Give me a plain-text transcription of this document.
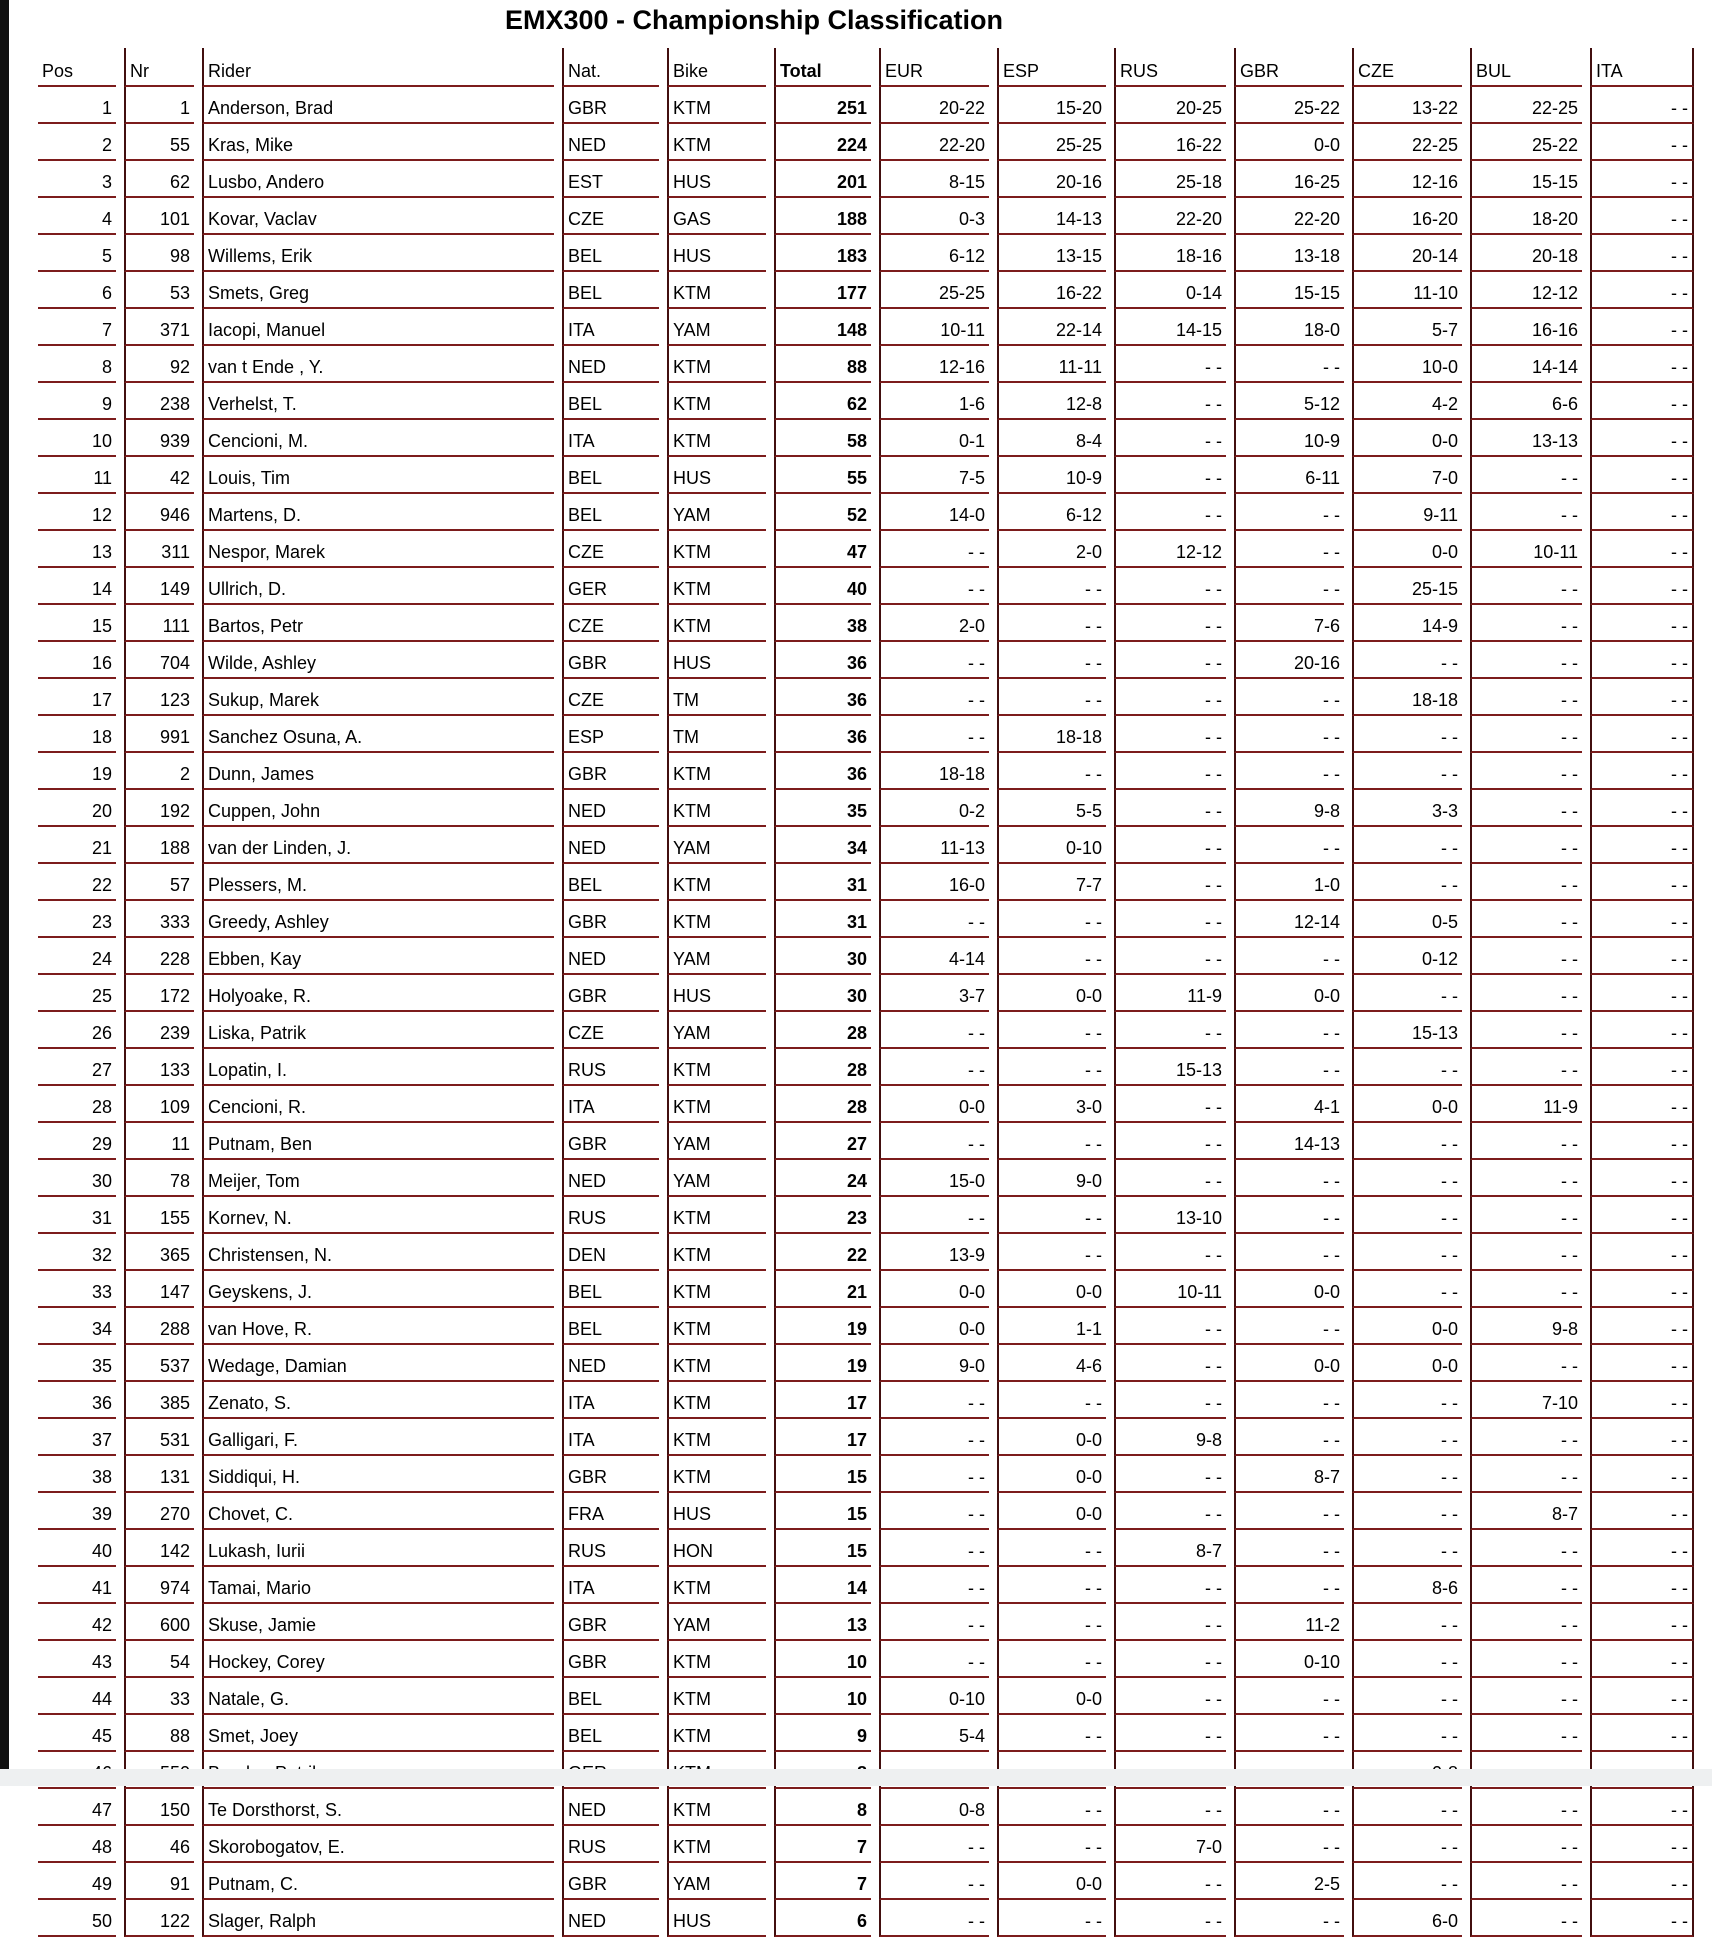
EMX300 - Championship Classification
Pos	Nr	Rider	Nat.	Bike	Total	EUR	ESP	RUS	GBR	CZE	BUL	ITA
1	1	Anderson, Brad	GBR	KTM	251	20-22	15-20	20-25	25-22	13-22	22-25	- -
2	55	Kras, Mike	NED	KTM	224	22-20	25-25	16-22	0-0	22-25	25-22	- -
3	62	Lusbo, Andero	EST	HUS	201	8-15	20-16	25-18	16-25	12-16	15-15	- -
4	101	Kovar, Vaclav	CZE	GAS	188	0-3	14-13	22-20	22-20	16-20	18-20	- -
5	98	Willems, Erik	BEL	HUS	183	6-12	13-15	18-16	13-18	20-14	20-18	- -
6	53	Smets, Greg	BEL	KTM	177	25-25	16-22	0-14	15-15	11-10	12-12	- -
7	371	Iacopi, Manuel	ITA	YAM	148	10-11	22-14	14-15	18-0	5-7	16-16	- -
8	92	van t Ende , Y.	NED	KTM	88	12-16	11-11	- -	- -	10-0	14-14	- -
9	238	Verhelst, T.	BEL	KTM	62	1-6	12-8	- -	5-12	4-2	6-6	- -
10	939	Cencioni, M.	ITA	KTM	58	0-1	8-4	- -	10-9	0-0	13-13	- -
11	42	Louis, Tim	BEL	HUS	55	7-5	10-9	- -	6-11	7-0	- -	- -
12	946	Martens, D.	BEL	YAM	52	14-0	6-12	- -	- -	9-11	- -	- -
13	311	Nespor, Marek	CZE	KTM	47	- -	2-0	12-12	- -	0-0	10-11	- -
14	149	Ullrich, D.	GER	KTM	40	- -	- -	- -	- -	25-15	- -	- -
15	111	Bartos, Petr	CZE	KTM	38	2-0	- -	- -	7-6	14-9	- -	- -
16	704	Wilde, Ashley	GBR	HUS	36	- -	- -	- -	20-16	- -	- -	- -
17	123	Sukup, Marek	CZE	TM	36	- -	- -	- -	- -	18-18	- -	- -
18	991	Sanchez Osuna, A.	ESP	TM	36	- -	18-18	- -	- -	- -	- -	- -
19	2	Dunn, James	GBR	KTM	36	18-18	- -	- -	- -	- -	- -	- -
20	192	Cuppen, John	NED	KTM	35	0-2	5-5	- -	9-8	3-3	- -	- -
21	188	van der Linden, J.	NED	YAM	34	11-13	0-10	- -	- -	- -	- -	- -
22	57	Plessers, M.	BEL	KTM	31	16-0	7-7	- -	1-0	- -	- -	- -
23	333	Greedy, Ashley	GBR	KTM	31	- -	- -	- -	12-14	0-5	- -	- -
24	228	Ebben, Kay	NED	YAM	30	4-14	- -	- -	- -	0-12	- -	- -
25	172	Holyoake, R.	GBR	HUS	30	3-7	0-0	11-9	0-0	- -	- -	- -
26	239	Liska, Patrik	CZE	YAM	28	- -	- -	- -	- -	15-13	- -	- -
27	133	Lopatin, I.	RUS	KTM	28	- -	- -	15-13	- -	- -	- -	- -
28	109	Cencioni, R.	ITA	KTM	28	0-0	3-0	- -	4-1	0-0	11-9	- -
29	11	Putnam, Ben	GBR	YAM	27	- -	- -	- -	14-13	- -	- -	- -
30	78	Meijer, Tom	NED	YAM	24	15-0	9-0	- -	- -	- -	- -	- -
31	155	Kornev, N.	RUS	KTM	23	- -	- -	13-10	- -	- -	- -	- -
32	365	Christensen, N.	DEN	KTM	22	13-9	- -	- -	- -	- -	- -	- -
33	147	Geyskens, J.	BEL	KTM	21	0-0	0-0	10-11	0-0	- -	- -	- -
34	288	van Hove, R.	BEL	KTM	19	0-0	1-1	- -	- -	0-0	9-8	- -
35	537	Wedage, Damian	NED	KTM	19	9-0	4-6	- -	0-0	0-0	- -	- -
36	385	Zenato, S.	ITA	KTM	17	- -	- -	- -	- -	- -	7-10	- -
37	531	Galligari, F.	ITA	KTM	17	- -	0-0	9-8	- -	- -	- -	- -
38	131	Siddiqui, H.	GBR	KTM	15	- -	0-0	- -	8-7	- -	- -	- -
39	270	Chovet, C.	FRA	HUS	15	- -	0-0	- -	- -	- -	8-7	- -
40	142	Lukash, Iurii	RUS	HON	15	- -	- -	8-7	- -	- -	- -	- -
41	974	Tamai, Mario	ITA	KTM	14	- -	- -	- -	- -	8-6	- -	- -
42	600	Skuse, Jamie	GBR	YAM	13	- -	- -	- -	11-2	- -	- -	- -
43	54	Hockey, Corey	GBR	KTM	10	- -	- -	- -	0-10	- -	- -	- -
44	33	Natale, G.	BEL	KTM	10	0-10	0-0	- -	- -	- -	- -	- -
45	88	Smet, Joey	BEL	KTM	9	5-4	- -	- -	- -	- -	- -	- -

47	150	Te Dorsthorst, S.	NED	KTM	8	0-8	- -	- -	- -	- -	- -	- -
48	46	Skorobogatov, E.	RUS	KTM	7	- -	- -	7-0	- -	- -	- -	- -
49	91	Putnam, C.	GBR	YAM	7	- -	0-0	- -	2-5	- -	- -	- -
50	122	Slager, Ralph	NED	HUS	6	- -	- -	- -	- -	6-0	- -	- -
